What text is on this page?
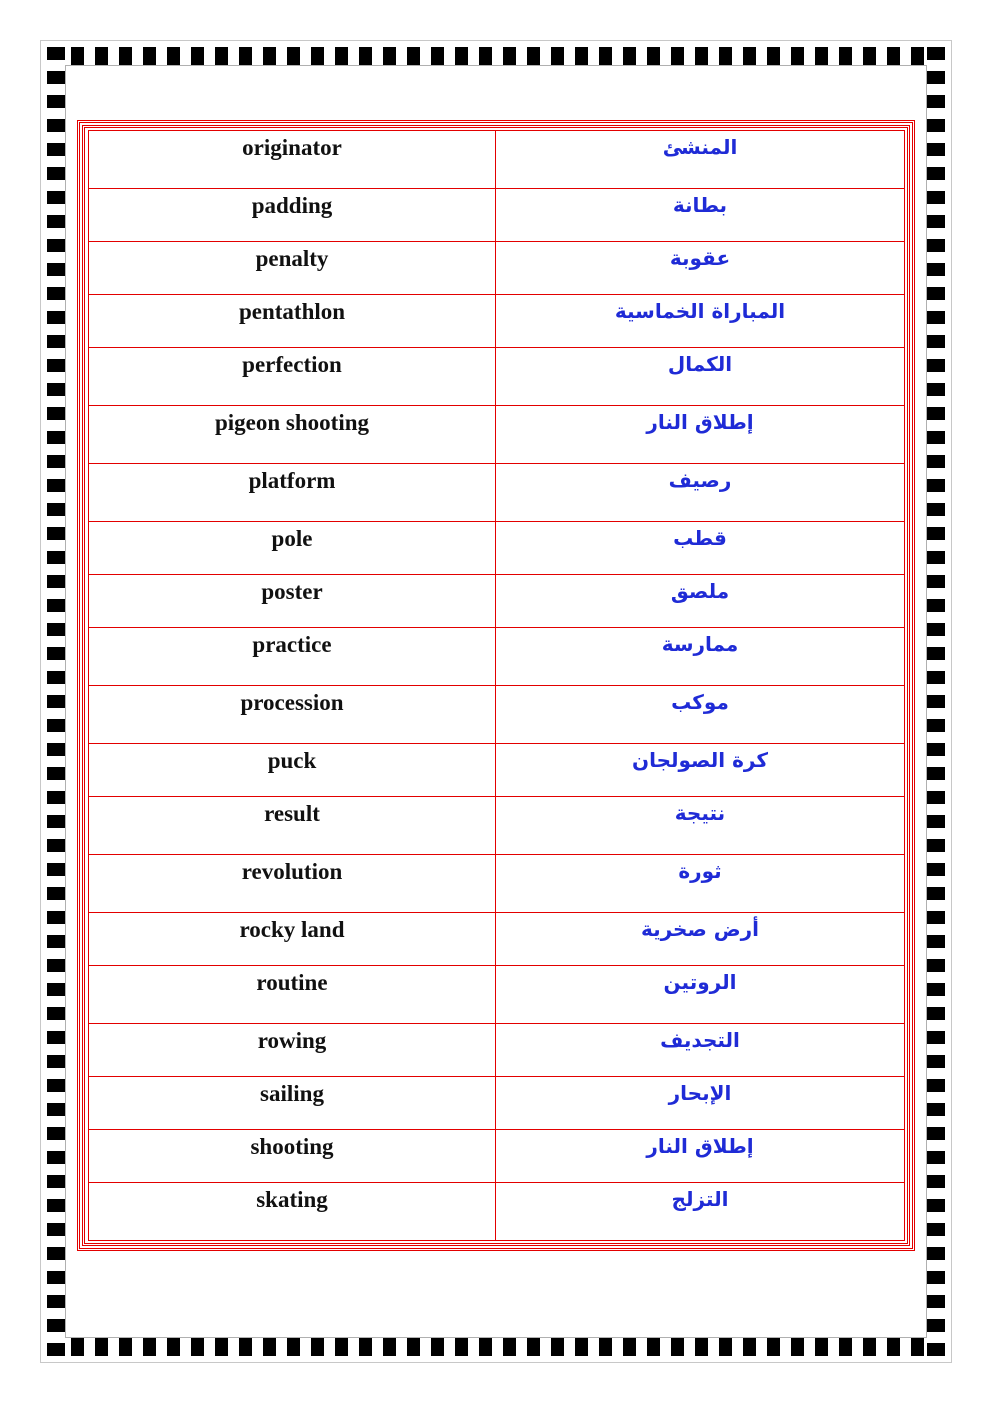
originator	المنشئ
padding	بطانة
penalty	عقوبة
pentathlon	المباراة الخماسية
perfection	الكمال
pigeon shooting	إطلاق النار
platform	رصيف
pole	قطب
poster	ملصق
practice	ممارسة
procession	موكب
puck	كرة الصولجان
result	نتيجة
revolution	ثورة
rocky land	أرض صخرية
routine	الروتين
rowing	التجديف
sailing	الإبحار
shooting	إطلاق النار
skating	التزلج
